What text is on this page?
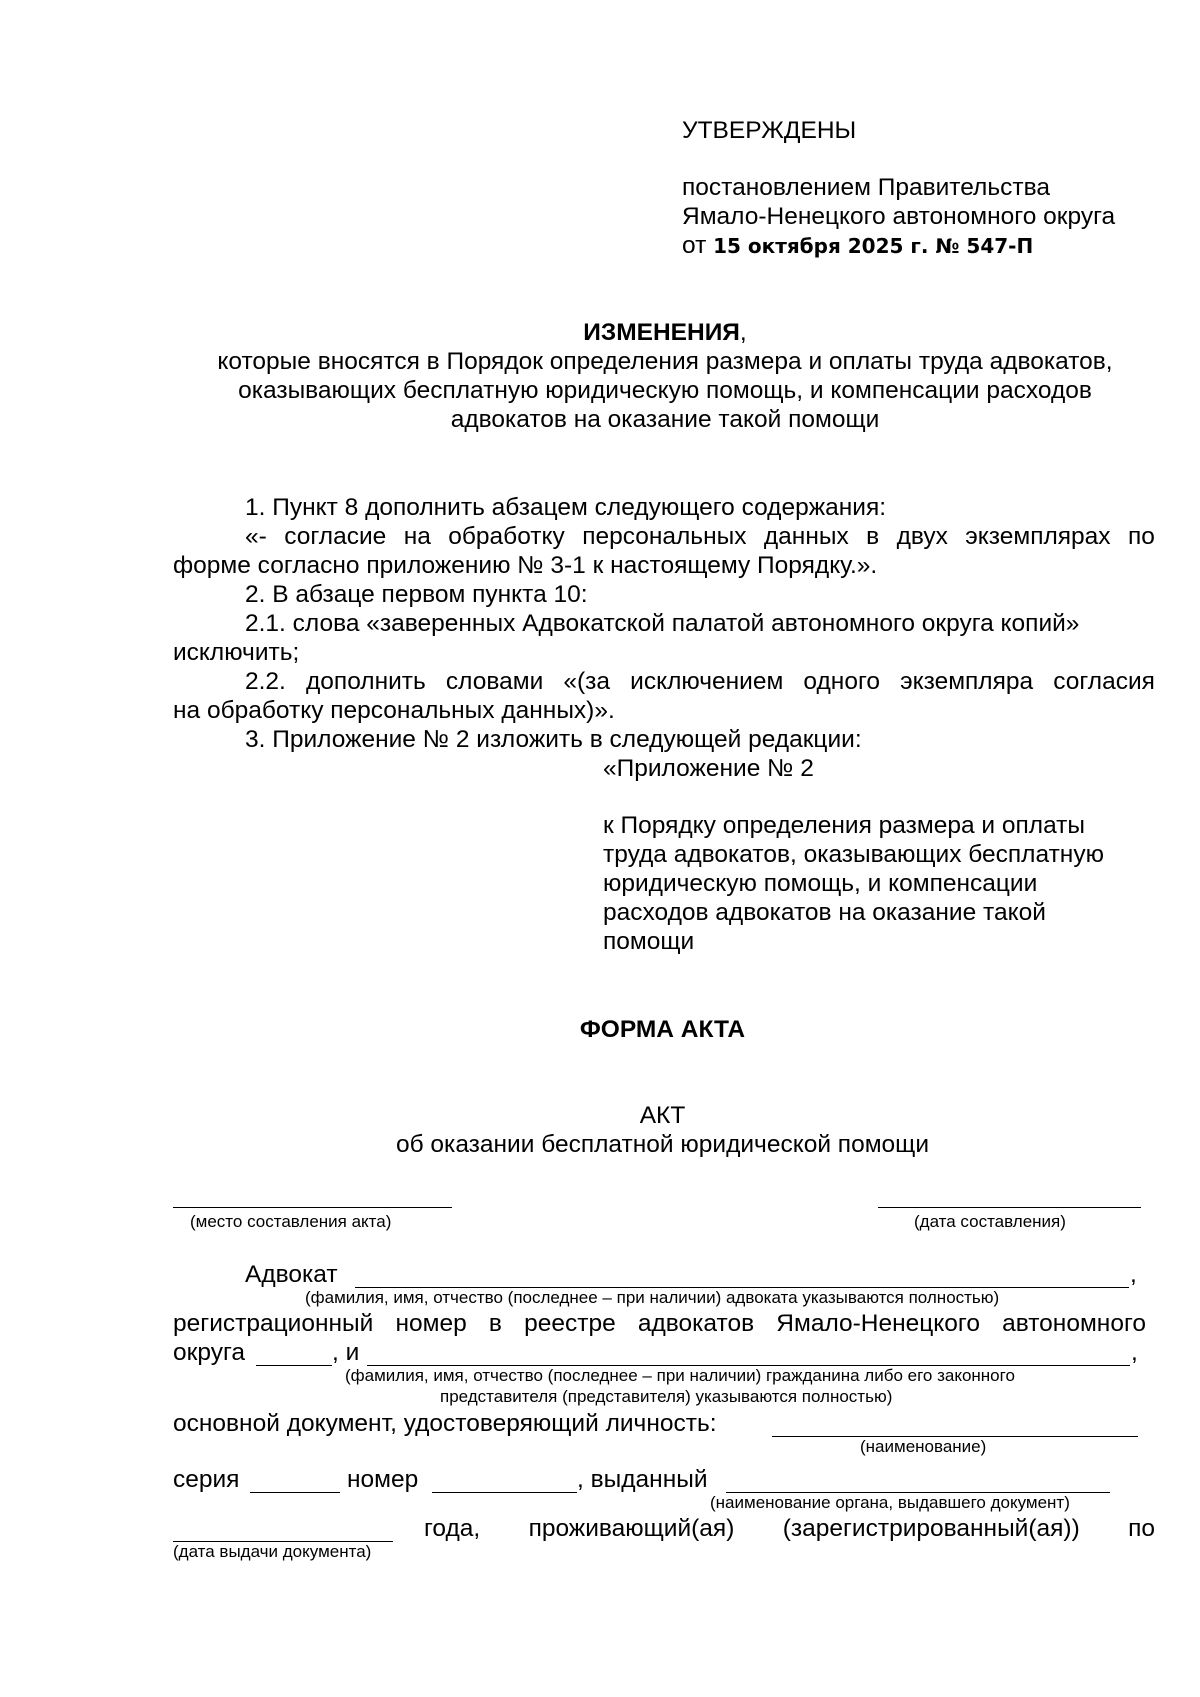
УТВЕРЖДЕНЫ
постановлением Правительства
Ямало-Ненецкого автономного округа
от 15 октября 2025 г. № 547-П
ИЗМЕНЕНИЯ,
которые вносятся в Порядок определения размера и оплаты труда адвокатов,
оказывающих бесплатную юридическую помощь, и компенсации расходов
адвокатов на оказание такой помощи
1. Пункт 8 дополнить абзацем следующего содержания:
«- согласие на обработку персональных данных в двух экземплярах по
форме согласно приложению № 3-1 к настоящему Порядку.».
2. В абзаце первом пункта 10:
2.1. слова «заверенных Адвокатской палатой автономного округа копий»
исключить;
2.2. дополнить словами «(за исключением одного экземпляра согласия
на обработку персональных данных)».
3. Приложение № 2 изложить в следующей редакции:
«Приложение № 2
к Порядку определения размера и оплаты
труда адвокатов, оказывающих бесплатную
юридическую помощь, и компенсации
расходов адвокатов на оказание такой
помощи
ФОРМА АКТА
АКТ
об оказании бесплатной юридической помощи
(место составления акта)	(дата составления)
Адвокат	,
(фамилия, имя, отчество (последнее – при наличии) адвоката указываются полностью)
регистрационный номер в реестре адвокатов Ямало-Ненецкого автономного
округа	, и	,
(фамилия, имя, отчество (последнее – при наличии) гражданина либо его законного
представителя (представителя) указываются полностью)
основной документ, удостоверяющий личность:
(наименование)
серия	номер	, выданный
(наименование органа, выдавшего документ)
года, проживающий(ая) (зарегистрированный(ая)) по
(дата выдачи документа)
